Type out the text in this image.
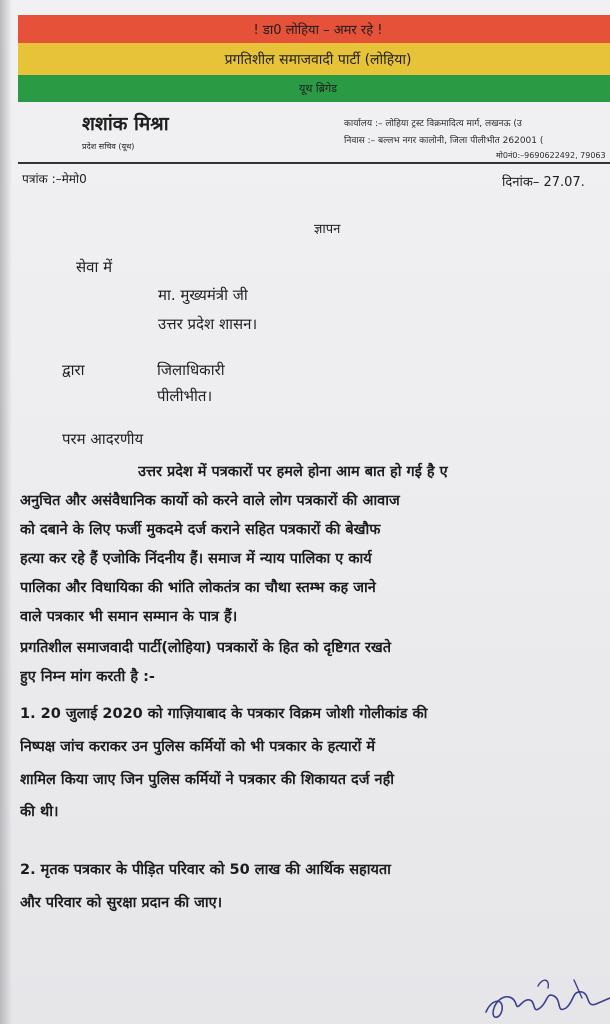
! डा0 लोहिया – अमर रहे !
प्रगतिशील समाजवादी पार्टी (लोहिया)
यूथ ब्रिगेड
शशांक मिश्रा
प्रदेश सचिव (यूथ)
कार्यालय :– लोहिया ट्रस्ट विक्रमादित्य मार्ग, लखनऊ (उ
निवास :– बल्लभ नगर कालोनी, जिला पीलीभीत 262001 (
मो0नं0:–9690622492, 79063
पत्रांक :–मेमो0	दिनांक– 27.07.
ज्ञापन
सेवा में
मा. मुख्यमंत्री जी
उत्तर प्रदेश शासन।
द्वारा	जिलाधिकारी
पीलीभीत।
परम आदरणीय
उत्तर प्रदेश में पत्रकारों पर हमले होना आम बात हो गई है ए
अनुचित और असंवैधानिक कार्यो को करने वाले लोग पत्रकारों की आवाज
को दबाने के लिए फर्जी मुकदमे दर्ज कराने सहित पत्रकारों की बेखौफ
हत्या कर रहे हैं एजोकि निंदनीय हैं। समाज में न्याय पालिका ए कार्य
पालिका और विधायिका की भांति लोकतंत्र का चौथा स्तम्भ कह जाने
वाले पत्रकार भी समान सम्मान के पात्र हैं।
प्रगतिशील समाजवादी पार्टी(लोहिया) पत्रकारों के हित को दृष्टिगत रखते
हुए निम्न मांग करती है :-
1. 20 जुलाई 2020 को गाज़ियाबाद के पत्रकार विक्रम जोशी गोलीकांड की
निष्पक्ष जांच कराकर उन पुलिस कर्मियों को भी पत्रकार के हत्यारों में
शामिल किया जाए जिन पुलिस कर्मियों ने पत्रकार की शिकायत दर्ज नही
की थी।
2. मृतक पत्रकार के पीड़ित परिवार को 50 लाख की आर्थिक सहायता
और परिवार को सुरक्षा प्रदान की जाए।
